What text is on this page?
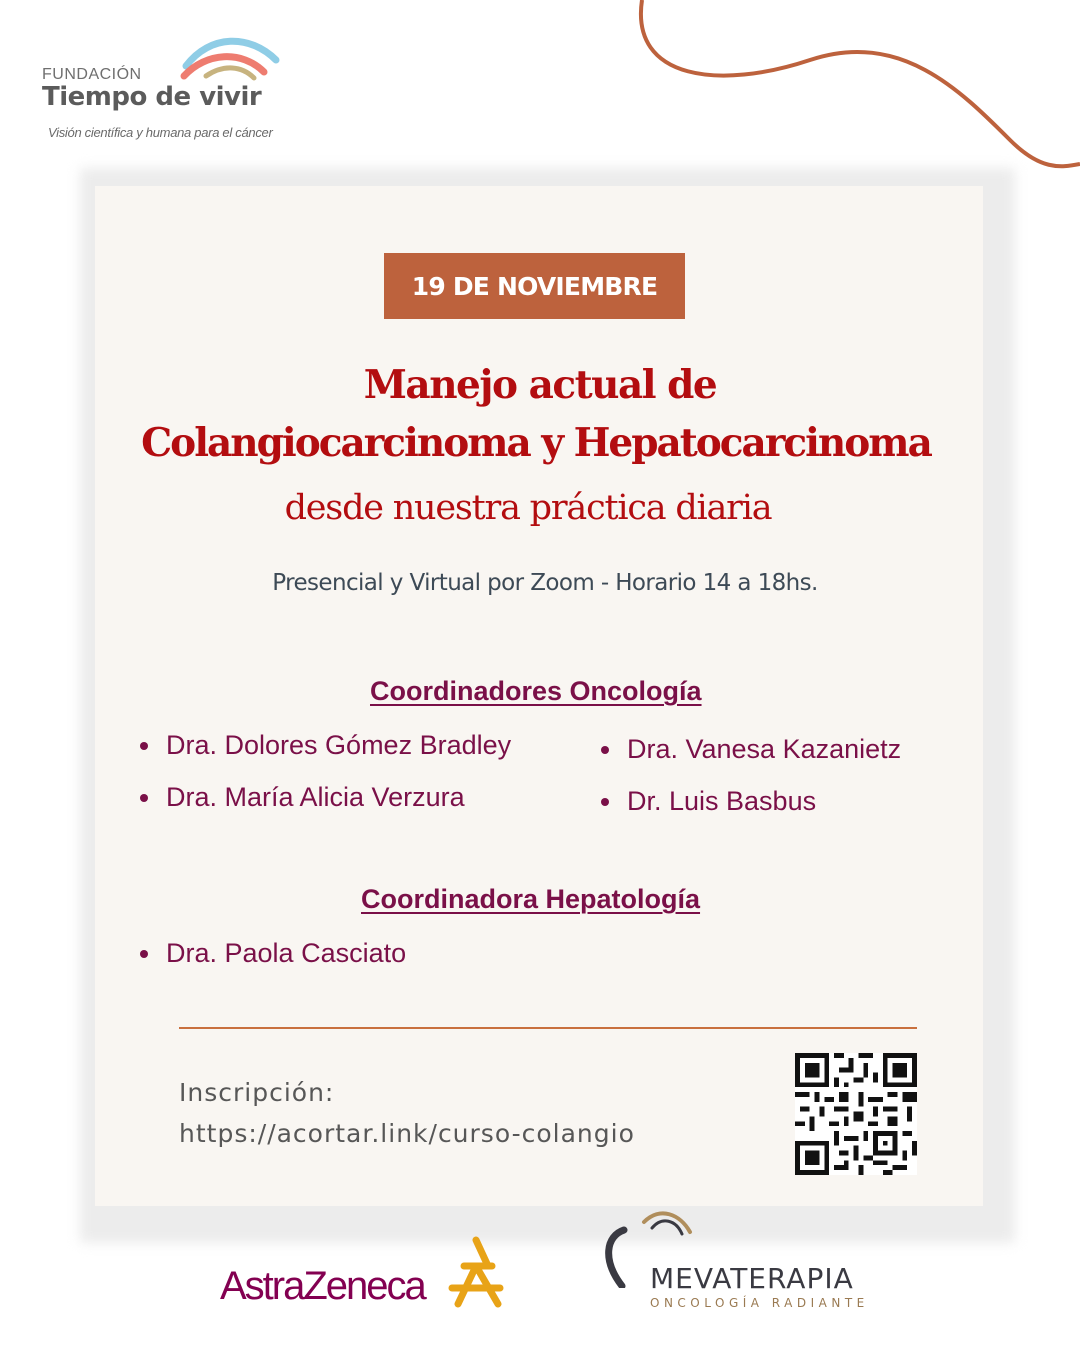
FUNDACIÓN
Tiempo de vivir
Visión científica y humana para el cáncer
19 DE NOVIEMBRE
Manejo actual de
Colangiocarcinoma y Hepatocarcinoma
desde nuestra práctica diaria
Presencial y Virtual por Zoom - Horario 14 a 18hs.
Coordinadores Oncología
Dra. Dolores Gómez Bradley
Dra. María Alicia Verzura
Dra. Vanesa Kazanietz
Dr. Luis Basbus
Coordinadora Hepatología
Dra. Paola Casciato
Inscripción:
https://acortar.link/curso-colangio
AstraZeneca	MEVATERAPIA
ONCOLOGÍA RADIANTE
